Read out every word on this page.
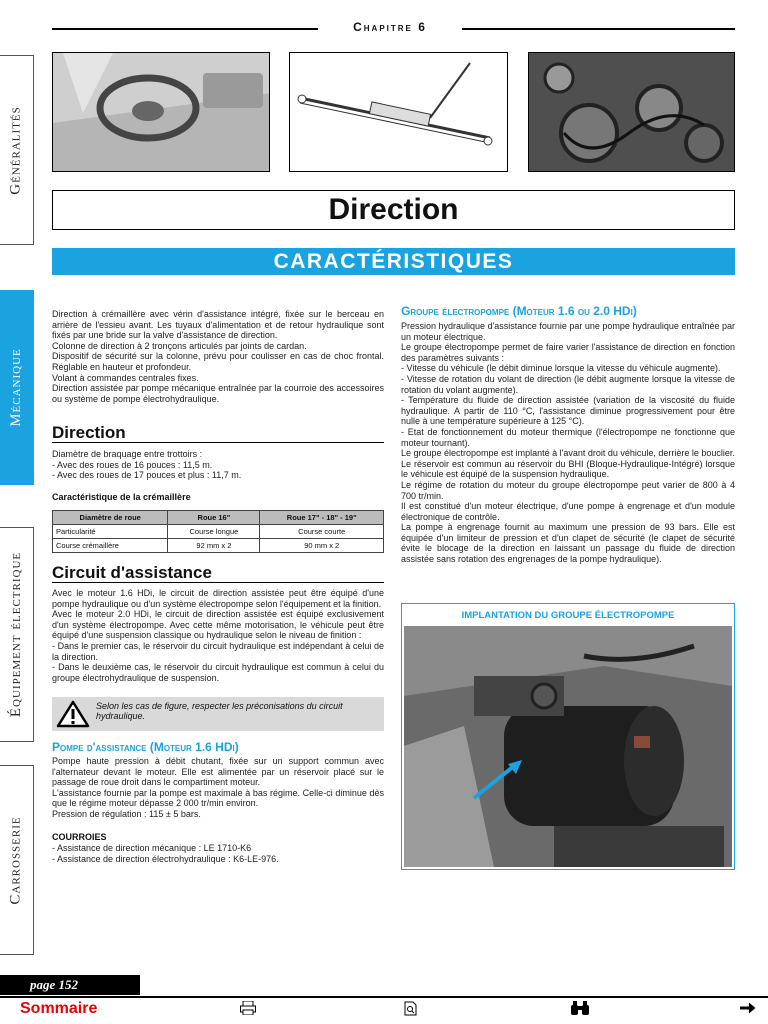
Chapitre 6
Généralités
Mécanique
Équipement électrique
Carrosserie
Direction
CARACTÉRISTIQUES

Direction à crémaillère avec vérin d'assistance intégré, fixée sur le berceau en arrière de l'essieu avant. Les tuyaux d'alimentation et de retour hydraulique sont fixés par une bride sur la valve d'assistance de direction.

Colonne de direction à 2 tronçons articulés par joints de cardan.

Dispositif de sécurité sur la colonne, prévu pour coulisser en cas de choc frontal. Réglable en hauteur et profondeur.

Volant à commandes centrales fixes.

Direction assistée par pompe mécanique entraînée par la courroie des accessoires ou système de pompe électrohydraulique.

Direction

Diamètre de braquage entre trottoirs :

- Avec des roues de 16 pouces : 11,5 m.

- Avec des roues de 17 pouces et plus : 11,7 m.

Caractéristique de la crémaillère
Diamètre de roue	Roue 16"	Roue 17" - 18" - 19"
Particularité	Course longue	Course courte
Course crémaillère	92 mm x 2	90 mm x 2
Circuit d'assistance

Avec le moteur 1.6 HDi, le circuit de direction assistée peut être équipé d'une pompe hydraulique ou d'un système électropompe selon l'équipement et la finition.

Avec le moteur 2.0 HDi, le circuit de direction assistée est équipé exclusivement d'un système électropompe. Avec cette même motorisation, le véhicule peut être équipé d'une suspension classique ou hydraulique selon le niveau de finition :

- Dans le premier cas, le réservoir du circuit hydraulique est indépendant à celui de la direction.

- Dans le deuxième cas, le réservoir du circuit hydraulique est commun à celui du groupe électrohydraulique de suspension.

Selon les cas de figure, respecter les préconisations du circuit hydraulique.
Pompe d'assistance (Moteur 1.6 HDi)

Pompe haute pression à débit chutant, fixée sur un support commun avec l'alternateur devant le moteur. Elle est alimentée par un réservoir placé sur le passage de roue droit dans le compartiment moteur.

L'assistance fournie par la pompe est maximale à bas régime. Celle-ci diminue dès que le régime moteur dépasse 2 000 tr/min environ.

Pression de régulation : 115 ± 5 bars.

COURROIES

- Assistance de direction mécanique : LE 1710-K6

- Assistance de direction électrohydraulique : K6-LE-976.

Groupe électropompe (Moteur 1.6 ou 2.0 HDi)

Pression hydraulique d'assistance fournie par une pompe hydraulique entraînée par un moteur électrique.

Le groupe électropompe permet de faire varier l'assistance de direction en fonction des paramètres suivants :

- Vitesse du véhicule (le débit diminue lorsque la vitesse du véhicule augmente).

- Vitesse de rotation du volant de direction (le débit augmente lorsque la vitesse de rotation du volant augmente).

- Température du fluide de direction assistée (variation de la viscosité du fluide hydraulique. A partir de 110 °C, l'assistance diminue progressivement pour être nulle à une température supérieure à 125 °C).

- Etat de fonctionnement du moteur thermique (l'électropompe ne fonctionne que moteur tournant).

Le groupe électropompe est implanté à l'avant droit du véhicule, derrière le bouclier.

Le réservoir est commun au réservoir du BHI (Bloque-Hydraulique-Intégré) lorsque le véhicule est équipé de la suspension hydraulique.

Le régime de rotation du moteur du groupe électropompe peut varier de 800 à 4 700 tr/min.

Il est constitué d'un moteur électrique, d'une pompe à engrenage et d'un module électronique de contrôle.

La pompe à engrenage fournit au maximum une pression de 93 bars. Elle est équipée d'un limiteur de pression et d'un clapet de sécurité (le clapet de sécurité évite le blocage de la direction en laissant un passage du fluide de direction assistée sans rotation des engrenages de la pompe hydraulique).

IMPLANTATION DU GROUPE ÉLECTROPOMPE
page 152
Sommaire
